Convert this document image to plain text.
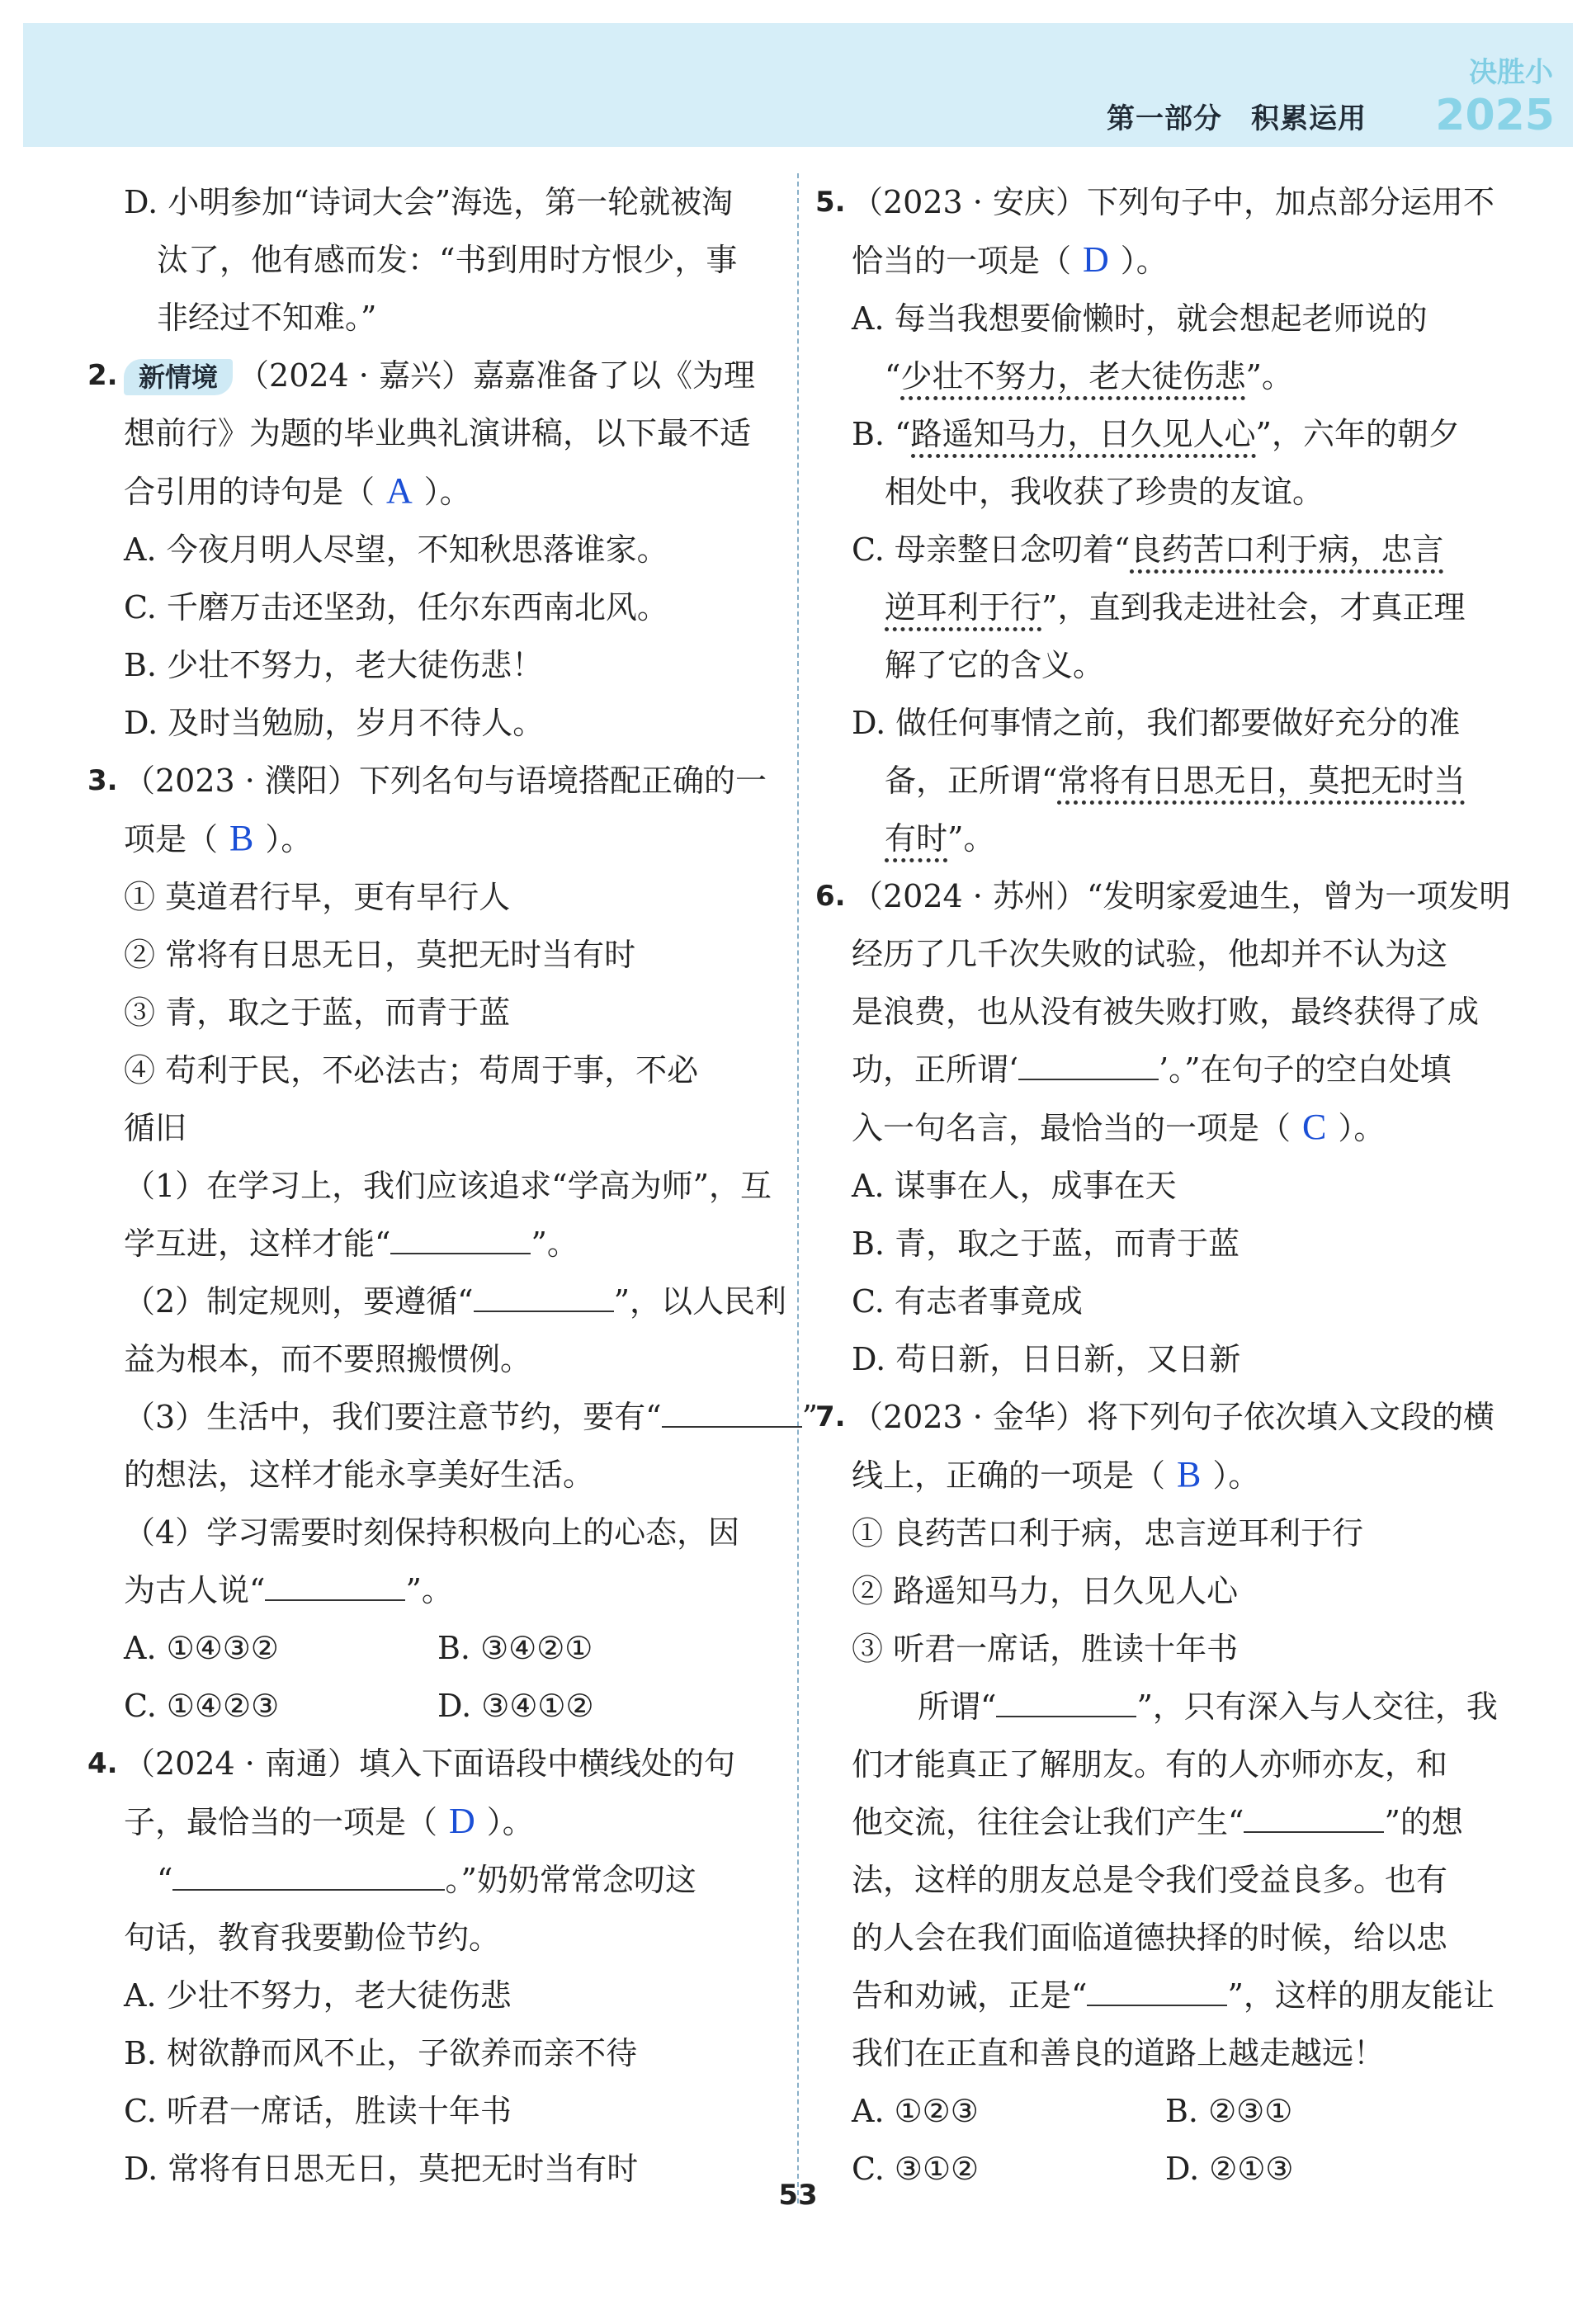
第一部分　积累运用
决胜小
2025
D. 小明参加“诗词大会”海选，第一轮就被淘
汰了，他有感而发：“书到用时方恨少，事
非经过不知难。”
2. 新情境 （2024 · 嘉兴）嘉嘉准备了以《为理
想前行》为题的毕业典礼演讲稿，以下最不适
合引用的诗句是（ A ）。
A. 今夜月明人尽望，不知秋思落谁家。
C. 千磨万击还坚劲，任尔东西南北风。
B. 少壮不努力，老大徒伤悲！
D. 及时当勉励，岁月不待人。
3. （2023 · 濮阳）下列名句与语境搭配正确的一
项是（ B ）。
① 莫道君行早，更有早行人
② 常将有日思无日，莫把无时当有时
③ 青，取之于蓝，而青于蓝
④ 苟利于民，不必法古；苟周于事，不必
循旧
（1）在学习上，我们应该追求“学高为师”，互
学互进，这样才能“	”。
（2）制定规则，要遵循“	”，以人民利
益为根本，而不要照搬惯例。
（3）生活中，我们要注意节约，要有“	”
的想法，这样才能永享美好生活。
（4）学习需要时刻保持积极向上的心态，因
为古人说“	”。
A. ①④③②	B. ③④②①
C. ①④②③	D. ③④①②
4. （2024 · 南通）填入下面语段中横线处的句
子，最恰当的一项是（ D ）。
“	。”奶奶常常念叨这
句话，教育我要勤俭节约。
A. 少壮不努力，老大徒伤悲
B. 树欲静而风不止，子欲养而亲不待
C. 听君一席话，胜读十年书
D. 常将有日思无日，莫把无时当有时
5. （2023 · 安庆）下列句子中，加点部分运用不
恰当的一项是（ D ）。
A. 每当我想要偷懒时，就会想起老师说的
“少壮不努力，老大徒伤悲”。
B. “路遥知马力，日久见人心”，六年的朝夕
相处中，我收获了珍贵的友谊。
C. 母亲整日念叨着“良药苦口利于病，忠言
逆耳利于行”，直到我走进社会，才真正理
解了它的含义。
D. 做任何事情之前，我们都要做好充分的准
备，正所谓“常将有日思无日，莫把无时当
有时”。
6. （2024 · 苏州）“发明家爱迪生，曾为一项发明
经历了几千次失败的试验，他却并不认为这
是浪费，也从没有被失败打败，最终获得了成
功，正所谓‘	’。”在句子的空白处填
入一句名言，最恰当的一项是（ C ）。
A. 谋事在人，成事在天
B. 青，取之于蓝，而青于蓝
C. 有志者事竟成
D. 苟日新，日日新，又日新
7. （2023 · 金华）将下列句子依次填入文段的横
线上，正确的一项是（ B ）。
① 良药苦口利于病，忠言逆耳利于行
② 路遥知马力，日久见人心
③ 听君一席话，胜读十年书
所谓“	”，只有深入与人交往，我
们才能真正了解朋友。有的人亦师亦友，和
他交流，往往会让我们产生“	”的想
法，这样的朋友总是令我们受益良多。也有
的人会在我们面临道德抉择的时候，给以忠
告和劝诫，正是“	”，这样的朋友能让
我们在正直和善良的道路上越走越远！
A. ①②③	B. ②③①
C. ③①②	D. ②①③
53
